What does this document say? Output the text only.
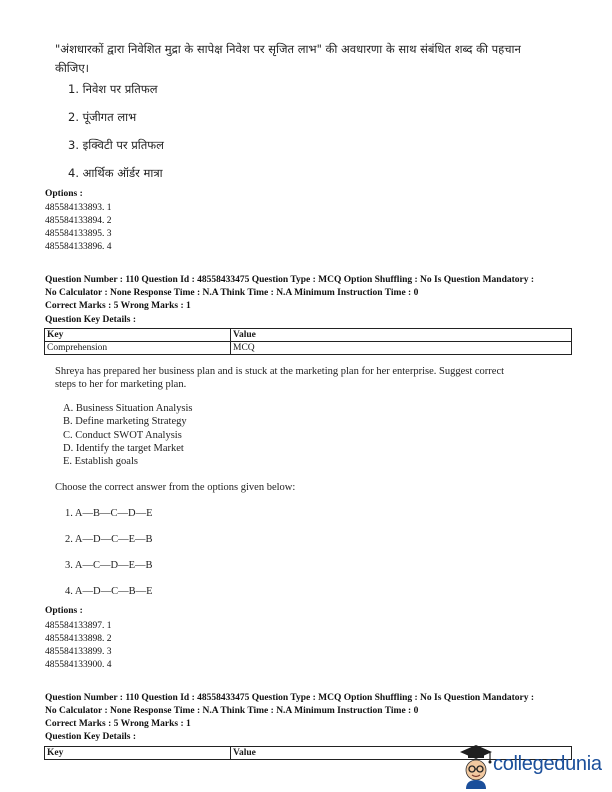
"अंशधारकों द्वारा निवेशित मुद्रा के सापेक्ष निवेश पर सृजित लाभ" की अवधारणा के साथ संबंधित शब्द की पहचान कीजिए।
1. निवेश पर प्रतिफल
2. पूंजीगत लाभ
3. इक्विटी पर प्रतिफल
4. आर्थिक ऑर्डर मात्रा
Options :
485584133893. 1
485584133894. 2
485584133895. 3
485584133896. 4
Question Number : 110 Question Id : 48558433475 Question Type : MCQ Option Shuffling : No Is Question Mandatory :
No Calculator : None Response Time : N.A Think Time : N.A Minimum Instruction Time : 0
Correct Marks : 5 Wrong Marks : 1
Question Key Details :
Key	Value
Comprehension	MCQ
Shreya has prepared her business plan and is stuck at the marketing plan for her enterprise. Suggest correct
steps to her for marketing plan.
A. Business Situation Analysis
B. Define marketing Strategy
C. Conduct SWOT Analysis
D. Identify the target Market
E. Establish goals
Choose the correct answer from the options given below:
1. A—B—C—D—E
2. A—D—C—E—B
3. A—C—D—E—B
4. A—D—C—B—E
Options :
485584133897. 1
485584133898. 2
485584133899. 3
485584133900. 4
Question Number : 110 Question Id : 48558433475 Question Type : MCQ Option Shuffling : No Is Question Mandatory :
No Calculator : None Response Time : N.A Think Time : N.A Minimum Instruction Time : 0
Correct Marks : 5 Wrong Marks : 1
Question Key Details :
Key	Value	collegedunia
